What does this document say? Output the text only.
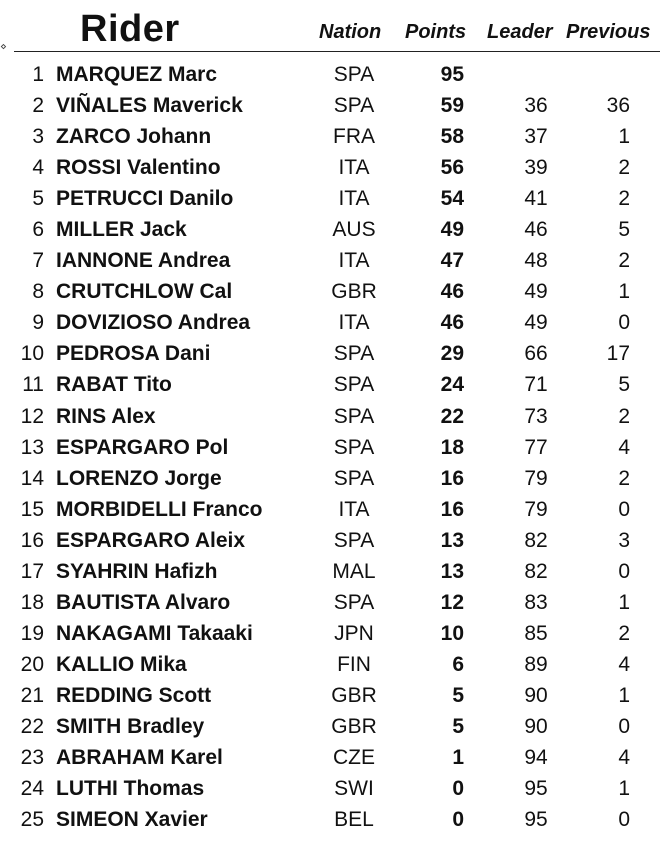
⋄ Rider	Nation Points Leader Previous
1 MARQUEZ Marc	SPA	95
2 VIÑALES Maverick	SPA	59	36	36
3 ZARCO Johann	FRA	58	37	1
4 ROSSI Valentino	ITA	56	39	2
5 PETRUCCI Danilo	ITA	54	41	2
6 MILLER Jack	AUS	49	46	5
7 IANNONE Andrea	ITA	47	48	2
8 CRUTCHLOW Cal	GBR	46	49	1
9 DOVIZIOSO Andrea	ITA	46	49	0
10 PEDROSA Dani	SPA	29	66	17
11 RABAT Tito	SPA	24	71	5
12 RINS Alex	SPA	22	73	2
13 ESPARGARO Pol	SPA	18	77	4
14 LORENZO Jorge	SPA	16	79	2
15 MORBIDELLI Franco	ITA	16	79	0
16 ESPARGARO Aleix	SPA	13	82	3
17 SYAHRIN Hafizh	MAL	13	82	0
18 BAUTISTA Alvaro	SPA	12	83	1
19 NAKAGAMI Takaaki	JPN	10	85	2
20 KALLIO Mika	FIN	6	89	4
21 REDDING Scott	GBR	5	90	1
22 SMITH Bradley	GBR	5	90	0
23 ABRAHAM Karel	CZE	1	94	4
24 LUTHI Thomas	SWI	0	95	1
25 SIMEON Xavier	BEL	0	95	0
